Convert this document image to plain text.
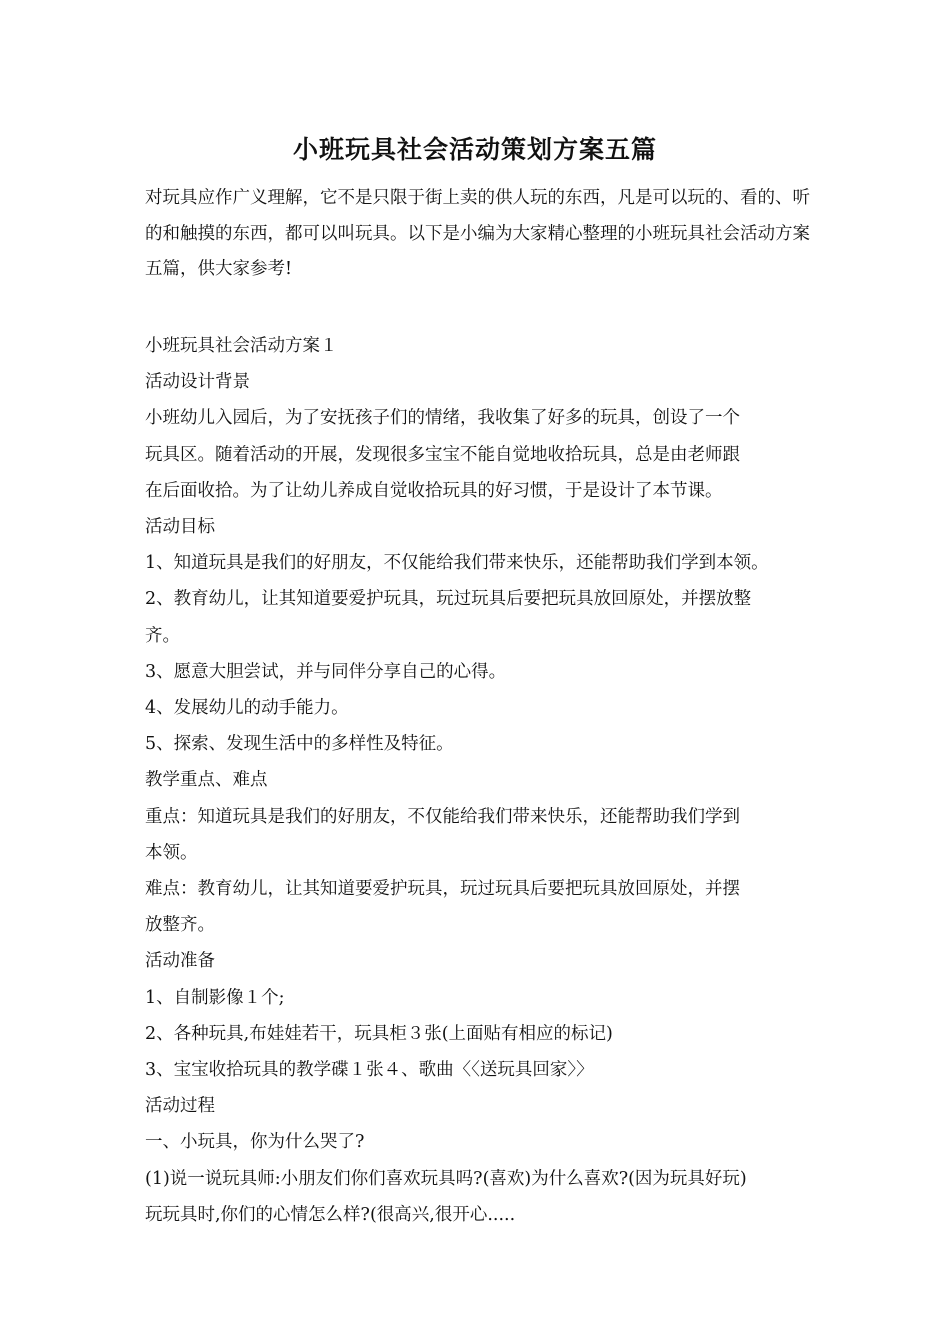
小班玩具社会活动策划方案五篇

对玩具应作广义理解，它不是只限于街上卖的供人玩的东西，凡是可以玩的、看的、听的和触摸的东西，都可以叫玩具。以下是小编为大家精心整理的小班玩具社会活动方案五篇，供大家参考!

小班玩具社会活动方案１

活动设计背景

小班幼儿入园后，为了安抚孩子们的情绪，我收集了好多的玩具，创设了一个

玩具区。随着活动的开展，发现很多宝宝不能自觉地收拾玩具，总是由老师跟

在后面收拾。为了让幼儿养成自觉收拾玩具的好习惯，于是设计了本节课。

活动目标

1、知道玩具是我们的好朋友，不仅能给我们带来快乐，还能帮助我们学到本领。

2、教育幼儿，让其知道要爱护玩具，玩过玩具后要把玩具放回原处，并摆放整

齐。

3、愿意大胆尝试，并与同伴分享自己的心得。

4、发展幼儿的动手能力。

5、探索、发现生活中的多样性及特征。

教学重点、难点

重点：知道玩具是我们的好朋友，不仅能给我们带来快乐，还能帮助我们学到

本领。

难点：教育幼儿，让其知道要爱护玩具，玩过玩具后要把玩具放回原处，并摆

放整齐。

活动准备

1、自制影像１个;

2、各种玩具,布娃娃若干，玩具柜３张(上面贴有相应的标记)

3、宝宝收拾玩具的教学碟１张４、歌曲〈〈送玩具回家〉〉

活动过程

一、小玩具，你为什么哭了?

(1)说一说玩具师:小朋友们你们喜欢玩具吗?(喜欢)为什么喜欢?(因为玩具好玩)

玩玩具时,你们的心情怎么样?(很高兴,很开心.....
